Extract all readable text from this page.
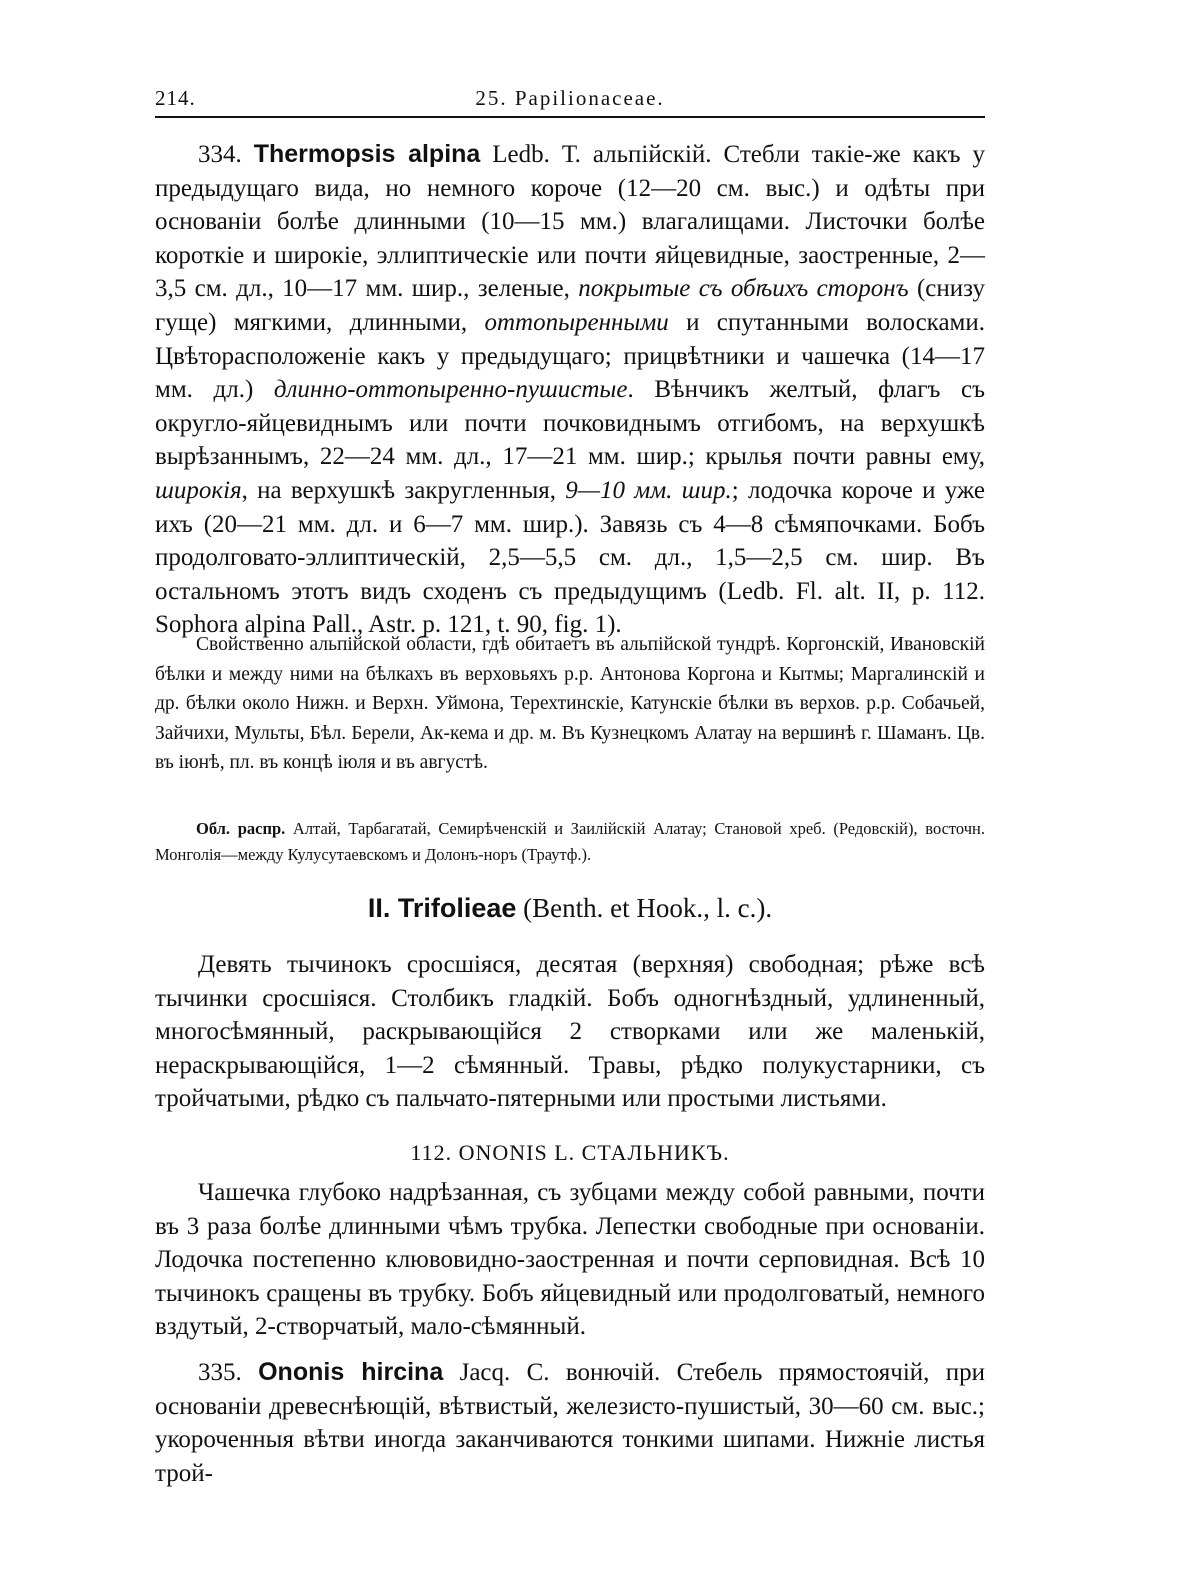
214.	25. Papilionaceae.
334. Thermopsis alpina Ledb. Т. альпійскій. Стебли такіе-же какъ у предыдущаго вида, но немного короче (12—20 см. выс.) и одѣты при основаніи болѣе длинными (10—15 мм.) влагалищами. Листочки болѣе короткіе и широкіе, эллиптическіе или почти яйцевидные, заостренные, 2—3,5 см. дл., 10—17 мм. шир., зеленые, покрытые съ обѣихъ сторонъ (снизу гуще) мягкими, длинными, оттопыренными и спутанными волосками. Цвѣторасположеніе какъ у предыдущаго; прицвѣтники и чашечка (14—17 мм. дл.) длинно-оттопыренно-пушистые. Вѣнчикъ желтый, флагъ съ округло-яйцевиднымъ или почти почковиднымъ отгибомъ, на верхушкѣ вырѣзаннымъ, 22—24 мм. дл., 17—21 мм. шир.; крылья почти равны ему, широкія, на верхушкѣ закругленныя, 9—10 мм. шир.; лодочка короче и уже ихъ (20—21 мм. дл. и 6—7 мм. шир.). Завязь съ 4—8 сѣмяпочками. Бобъ продолговато-эллиптическій, 2,5—5,5 см. дл., 1,5—2,5 см. шир. Въ остальномъ этотъ видъ сходенъ съ предыдущимъ (Ledb. Fl. alt. II, p. 112. Sophora alpina Pall., Astr. p. 121, t. 90, fig. 1).
Свойственно альпійской области, гдѣ обитаетъ въ альпійской тундрѣ. Коргонскій, Ивановскій бѣлки и между ними на бѣлкахъ въ верховьяхъ р.р. Антонова Коргона и Кытмы; Маргалинскій и др. бѣлки около Нижн. и Верхн. Уймона, Терехтинскіе, Катунскіе бѣлки въ верхов. р.р. Собачьей, Зайчихи, Мульты, Бѣл. Берели, Ак-кема и др. м. Въ Кузнецкомъ Алатау на вершинѣ г. Шаманъ. Цв. въ іюнѣ, пл. въ концѣ іюля и въ августѣ.
Обл. распр. Алтай, Тарбагатай, Семирѣченскій и Заилійскій Алатау; Становой хреб. (Редовскій), восточн. Монголія—между Кулусутаевскомъ и Долонъ-норъ (Траутф.).
II. Trifolieae (Benth. et Hook., l. c.).
Девять тычинокъ сросшіяся, десятая (верхняя) свободная; рѣже всѣ тычинки сросшіяся. Столбикъ гладкій. Бобъ одногнѣздный, удлиненный, многосѣмянный, раскрывающійся 2 створками или же маленькій, нераскрывающійся, 1—2 сѣмянный. Травы, рѣдко полукустарники, съ тройчатыми, рѣдко съ пальчато-пятерными или простыми листьями.
112. ONONIS L. СТАЛЬНИКЪ.
Чашечка глубоко надрѣзанная, съ зубцами между собой равными, почти въ 3 раза болѣе длинными чѣмъ трубка. Лепестки свободные при основаніи. Лодочка постепенно клювовидно-заостренная и почти серповидная. Всѣ 10 тычинокъ сращены въ трубку. Бобъ яйцевидный или продолговатый, немного вздутый, 2-створчатый, мало-сѣмянный.
335. Ononis hircina Jacq. С. вонючій. Стебель прямостоячій, при основаніи древеснѣющій, вѣтвистый, железисто-пушистый, 30—60 см. выс.; укороченныя вѣтви иногда заканчиваются тонкими шипами. Нижніе листья трой-
